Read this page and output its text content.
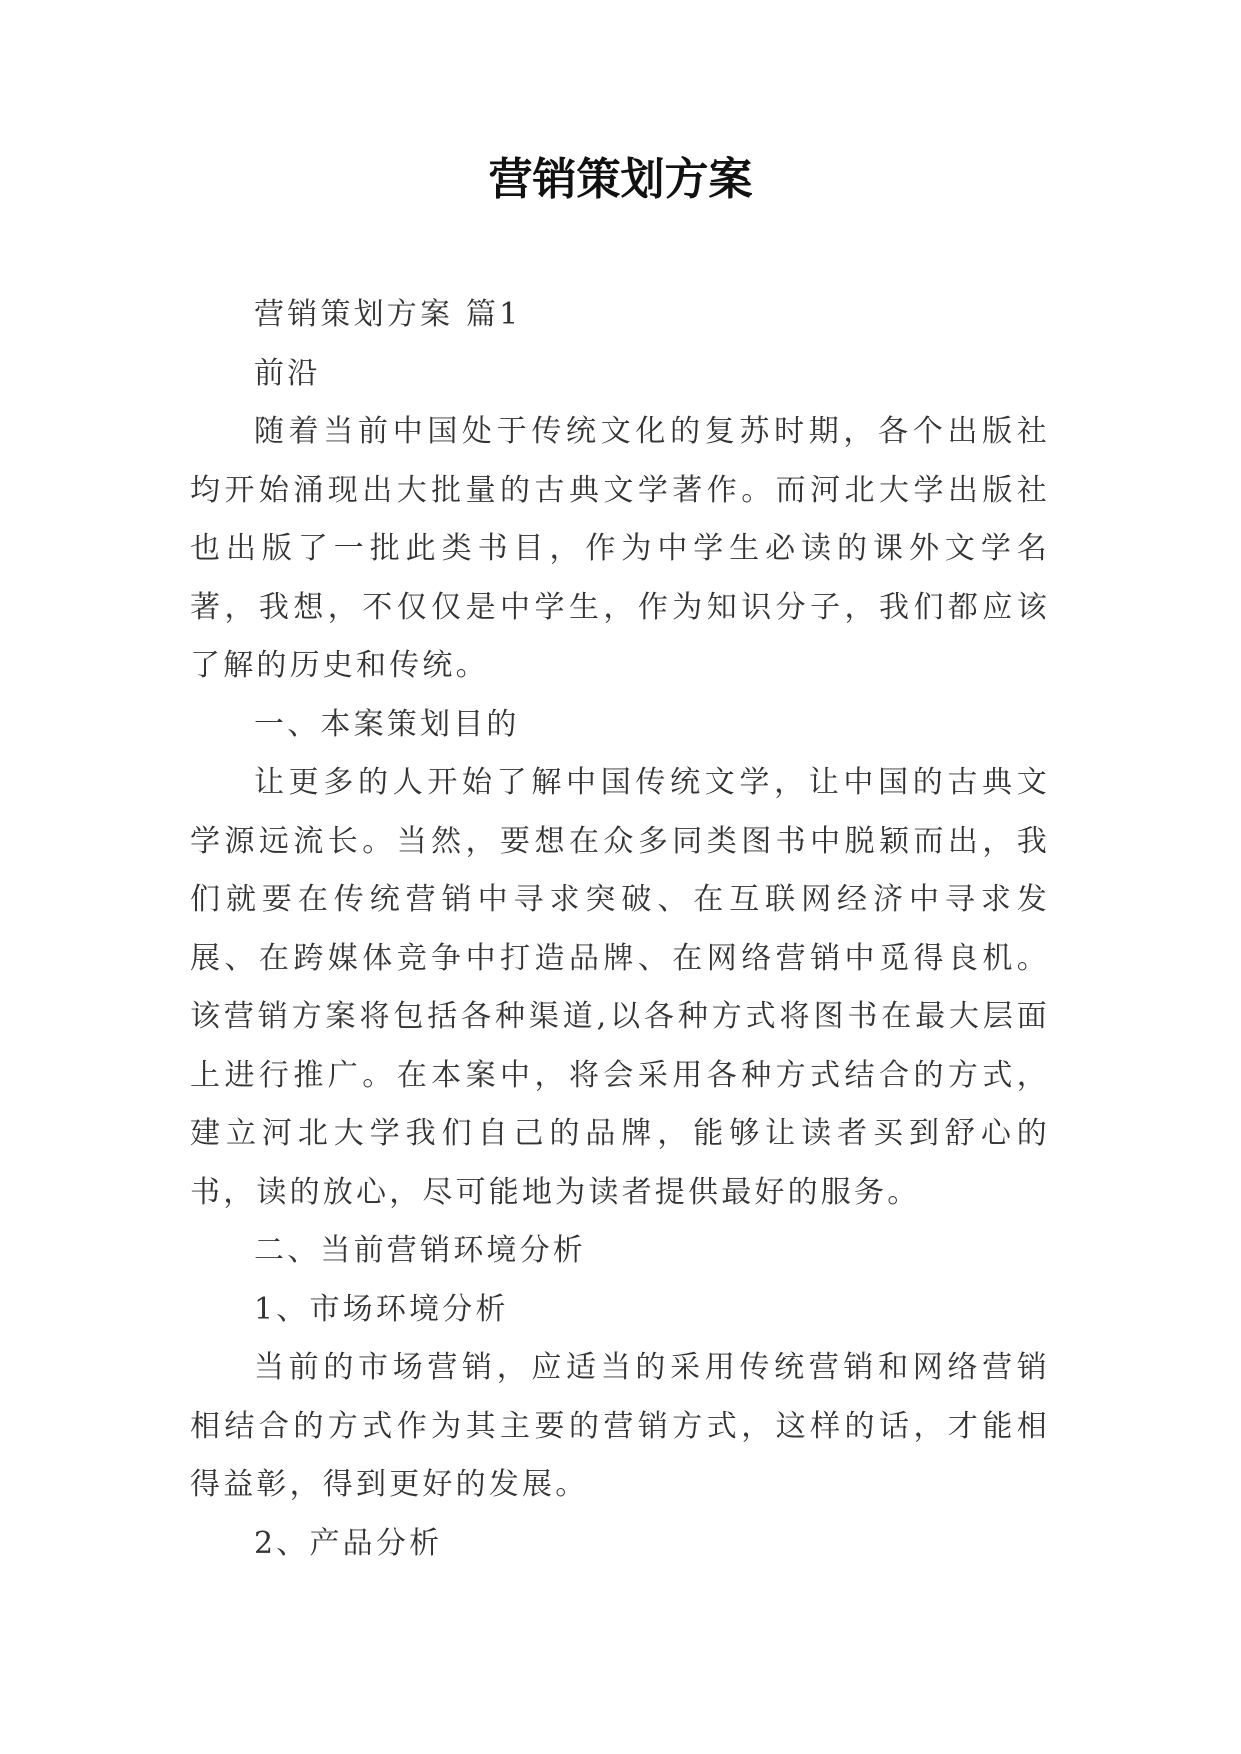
营销策划方案

营销策划方案 篇1

前沿

随着当前中国处于传统文化的复苏时期，各个出版社均开始涌现出大批量的古典文学著作。而河北大学出版社也出版了一批此类书目，作为中学生必读的课外文学名著，我想，不仅仅是中学生，作为知识分子，我们都应该了解的历史和传统。

一、本案策划目的

让更多的人开始了解中国传统文学，让中国的古典文学源远流长。当然，要想在众多同类图书中脱颖而出，我们就要在传统营销中寻求突破、在互联网经济中寻求发展、在跨媒体竞争中打造品牌、在网络营销中觅得良机。该营销方案将包括各种渠道,以各种方式将图书在最大层面上进行推广。在本案中，将会采用各种方式结合的方式，建立河北大学我们自己的品牌，能够让读者买到舒心的书，读的放心，尽可能地为读者提供最好的服务。

二、当前营销环境分析

1、市场环境分析

当前的市场营销，应适当的采用传统营销和网络营销相结合的方式作为其主要的营销方式，这样的话，才能相得益彰，得到更好的发展。

2、产品分析
